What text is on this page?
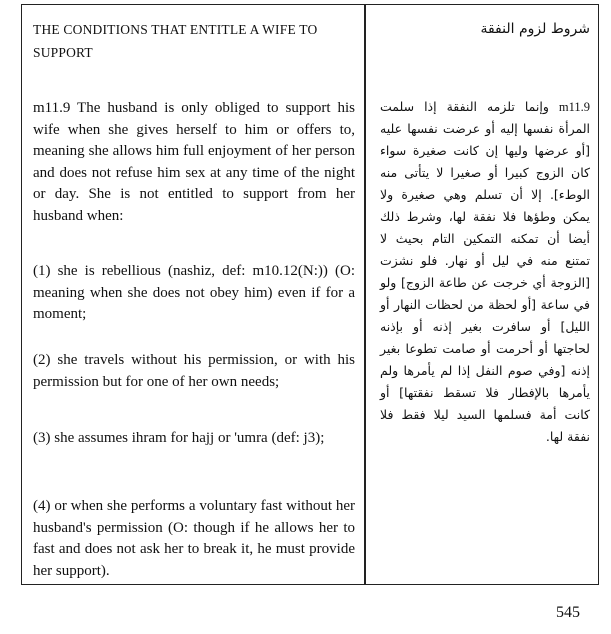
THE CONDITIONS THAT ENTITLE A WIFE TO SUPPORT
شروط لزوم النفقة
m11.9 The husband is only obliged to support his wife when she gives herself to him or offers to, meaning she allows him full enjoyment of her person and does not refuse him sex at any time of the night or day. She is not entitled to support from her husband when:
(1) she is rebellious (nashiz, def: m10.12(N:)) (O: meaning when she does not obey him) even if for a moment;
(2) she travels without his permission, or with his permission but for one of her own needs;
(3) she assumes ihram for hajj or 'umra (def: j3);
(4) or when she performs a voluntary fast without her husband's permission (O: though if he allows her to fast and does not ask her to break it, he must provide her support).
m11.9 وإنما تلزمه النفقة إذا سلمت المرأة نفسها إليه أو عرضت نفسها عليه [أو عرضها وليها إن كانت صغيرة سواء كان الزوج كبيرا أو صغيرا لا يتأتى منه الوطء]. إلا أن تسلم وهي صغيرة ولا يمكن وطؤها فلا نفقة لها، وشرط ذلك أيضا أن تمكنه التمكين التام بحيث لا تمتنع منه في ليل أو نهار. فلو نشزت [الزوجة أي خرجت عن طاعة الزوج] ولو في ساعة [أو لحظة من لحظات النهار أو الليل] أو سافرت بغير إذنه أو بإذنه لحاجتها أو أحرمت أو صامت تطوعا بغير إذنه [وفي صوم النفل إذا لم يأمرها ولم يأمرها بالإفطار فلا تسقط نفقتها] أو كانت أمة فسلمها السيد ليلا فقط فلا نفقة لها.
545
